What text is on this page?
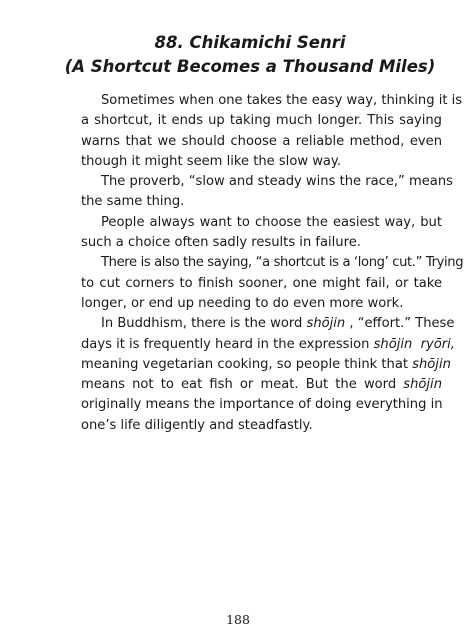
88. Chikamichi Senri
(A Shortcut Becomes a Thousand Miles)
Sometimes when one takes the easy way, thinking it is
a shortcut, it ends up taking much longer. This saying
warns that we should choose a reliable method, even
though it might seem like the slow way.
The proverb, “slow and steady wins the race,” means
the same thing.
People always want to choose the easiest way, but
such a choice often sadly results in failure.
There is also the saying, “a shortcut is a ‘long’ cut.” Trying
to cut corners to finish sooner, one might fail, or take
longer, or end up needing to do even more work.
In Buddhism, there is the word shōjin , “effort.” These
days it is frequently heard in the expression shōjin  ryōri,
meaning vegetarian cooking, so people think that shōjin
means not to eat fish or meat. But the word shōjin
originally means the importance of doing everything in
one’s life diligently and steadfastly.
188
